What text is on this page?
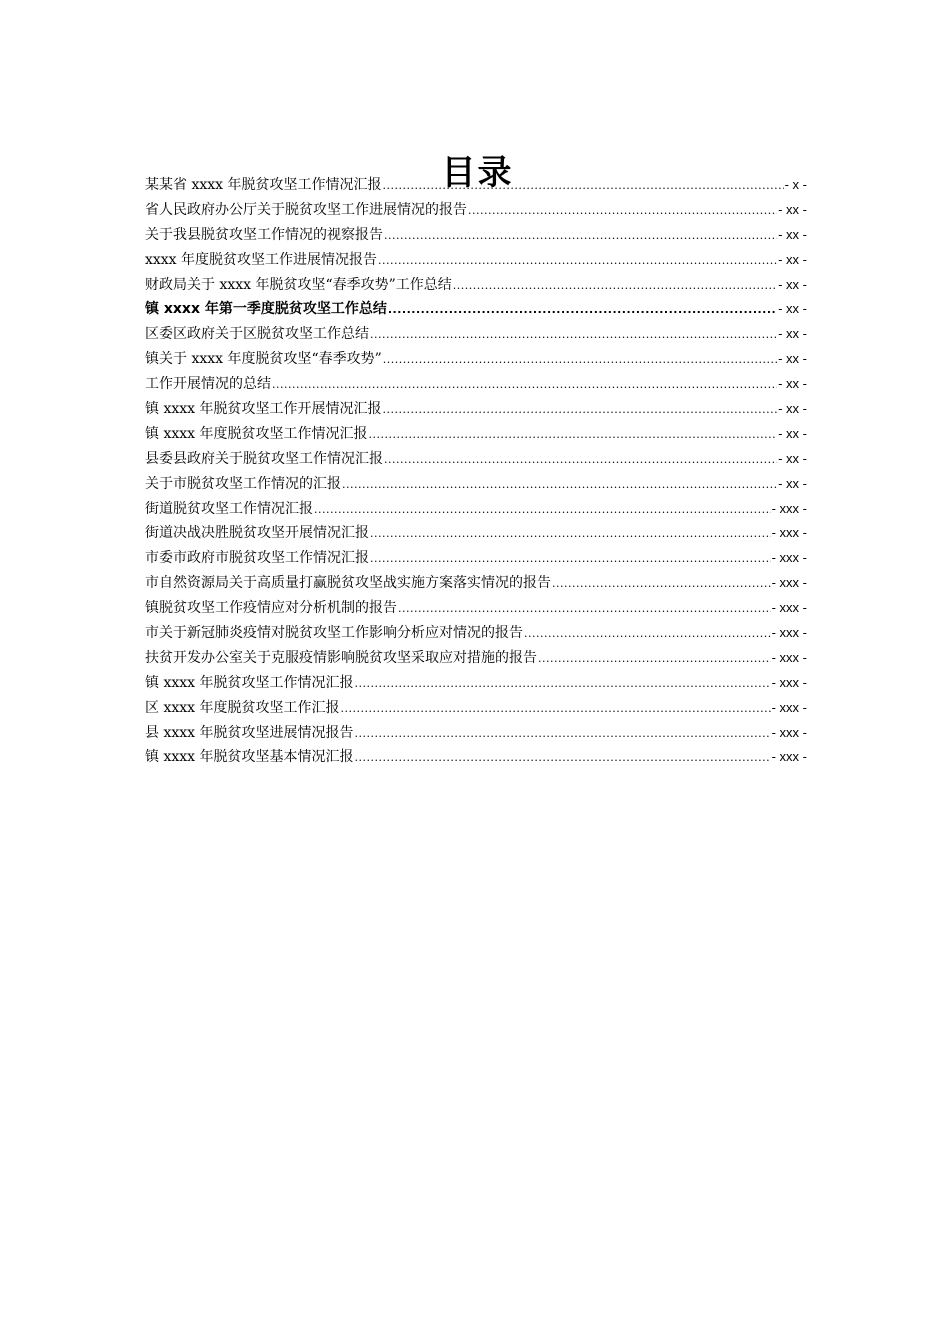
目录
某某省 xxxx 年脱贫攻坚工作情况汇报 .....	- x -
省人民政府办公厅关于脱贫攻坚工作进展情况的报告 .....	- xx -
关于我县脱贫攻坚工作情况的视察报告 .....	- xx -
xxxx 年度脱贫攻坚工作进展情况报告 .....	- xx -
财政局关于 xxxx 年脱贫攻坚“春季攻势”工作总结 .....	- xx -
镇 xxxx 年第一季度脱贫攻坚工作总结 .....	- xx -
区委区政府关于区脱贫攻坚工作总结 .....	- xx -
镇关于 xxxx 年度脱贫攻坚“春季攻势” .....	- xx -
工作开展情况的总结 .....	- xx -
镇 xxxx 年脱贫攻坚工作开展情况汇报 .....	- xx -
镇 xxxx 年度脱贫攻坚工作情况汇报 .....	- xx -
县委县政府关于脱贫攻坚工作情况汇报 .....	- xx -
关于市脱贫攻坚工作情况的汇报 .....	- xx -
街道脱贫攻坚工作情况汇报 .....	- xxx -
街道决战决胜脱贫攻坚开展情况汇报 .....	- xxx -
市委市政府市脱贫攻坚工作情况汇报 .....	- xxx -
市自然资源局关于高质量打赢脱贫攻坚战实施方案落实情况的报告 .....	- xxx -
镇脱贫攻坚工作疫情应对分析机制的报告 .....	- xxx -
市关于新冠肺炎疫情对脱贫攻坚工作影响分析应对情况的报告 .....	- xxx -
扶贫开发办公室关于克服疫情影响脱贫攻坚采取应对措施的报告 .....	- xxx -
镇 xxxx 年脱贫攻坚工作情况汇报 .....	- xxx -
区 xxxx 年度脱贫攻坚工作汇报 .....	- xxx -
县 xxxx 年脱贫攻坚进展情况报告 .....	- xxx -
镇 xxxx 年脱贫攻坚基本情况汇报 .....	- xxx -
